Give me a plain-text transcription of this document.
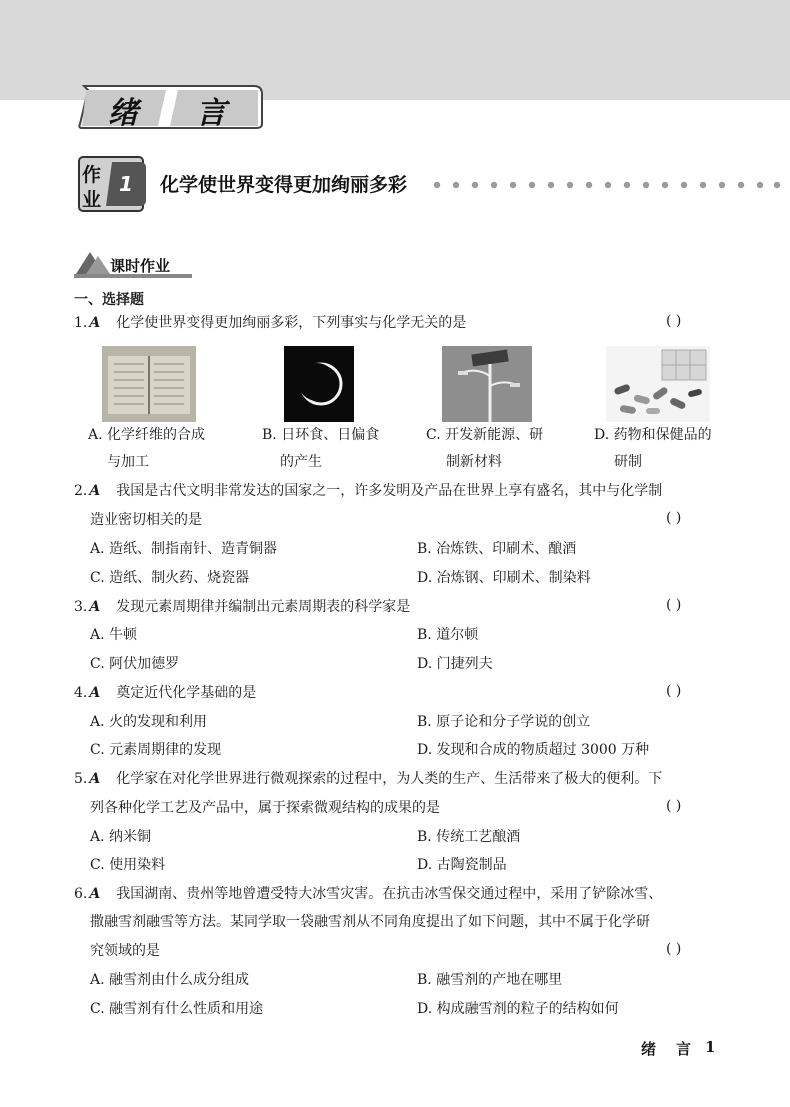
绪 言
作
业
1 化学使世界变得更加绚丽多彩
课时作业
一、选择题
1. A 化学使世界变得更加绚丽多彩，下列事实与化学无关的是	( )
A. 化学纤维的合成
与加工
B. 日环食、日偏食
的产生
C. 开发新能源、研
制新材料
D. 药物和保健品的
研制
2. A 我国是古代文明非常发达的国家之一，许多发明及产品在世界上享有盛名，其中与化学制
造业密切相关的是	( )
A. 造纸、制指南针、造青铜器	B. 冶炼铁、印刷术、酿酒
C. 造纸、制火药、烧瓷器	D. 冶炼钢、印刷术、制染料
3. A 发现元素周期律并编制出元素周期表的科学家是	( )
A. 牛顿	B. 道尔顿
C. 阿伏加德罗	D. 门捷列夫
4. A 奠定近代化学基础的是	( )
A. 火的发现和利用	B. 原子论和分子学说的创立
C. 元素周期律的发现	D. 发现和合成的物质超过 3000 万种
5. A 化学家在对化学世界进行微观探索的过程中，为人类的生产、生活带来了极大的便利。下
列各种化学工艺及产品中，属于探索微观结构的成果的是	( )
A. 纳米铜	B. 传统工艺酿酒
C. 使用染料	D. 古陶瓷制品
6. A 我国湖南、贵州等地曾遭受特大冰雪灾害。在抗击冰雪保交通过程中，采用了铲除冰雪、
撒融雪剂融雪等方法。某同学取一袋融雪剂从不同角度提出了如下问题，其中不属于化学研
究领域的是	( )
A. 融雪剂由什么成分组成	B. 融雪剂的产地在哪里
C. 融雪剂有什么性质和用途	D. 构成融雪剂的粒子的结构如何
绪 言 1
